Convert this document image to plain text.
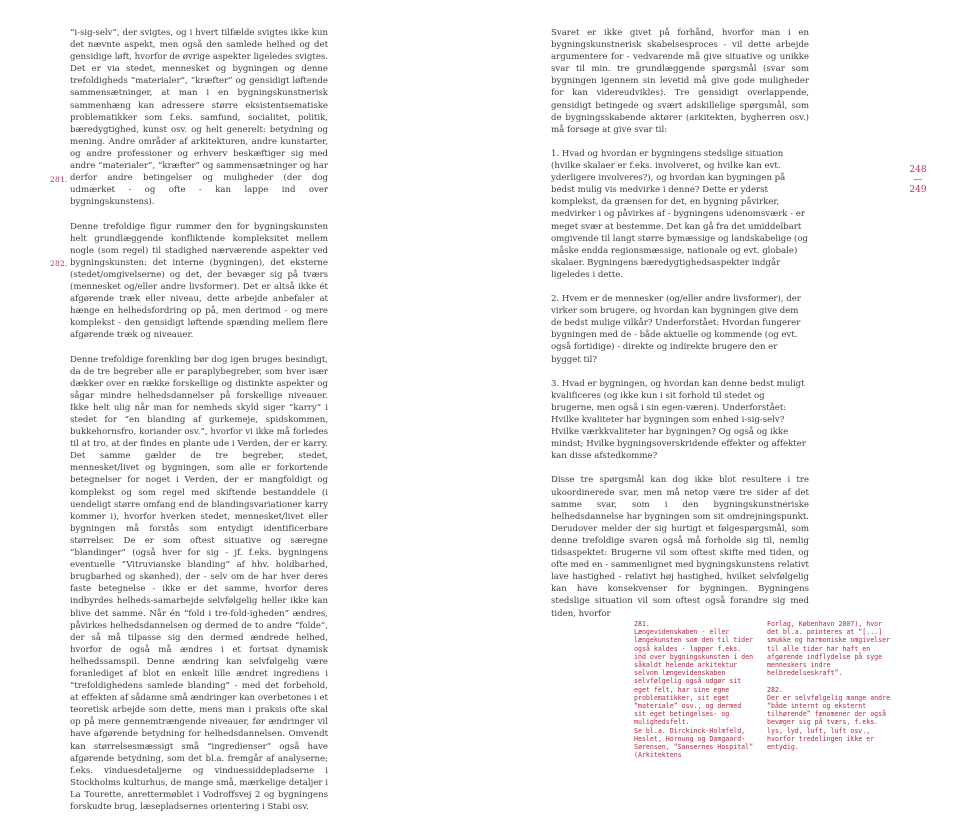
“i-sig-selv”, der svigtes, og i hvert tilfælde svigtes ikke kun det nævnte aspekt, men også den samlede helhed og det gensidige løft, hvorfor de øvrige aspekter ligeledes svigtes. Det er via stedet, mennesket og bygningen og denne trefoldigheds “materialer”, “kræfter” og gensidigt løftende sammensætninger, at man i en bygningskunstnerisk sammenhæng kan adressere større eksistentsematiske problematikker som f.eks. samfund, socialitet, politik, bæredygtighed, kunst osv. og helt generelt: betydning og mening. Andre områder af arkitekturen, andre kunstarter, og andre professioner og erhverv beskæftiger sig med andre “materialer”, “kræfter” og sammensætninger og har derfor andre betingelser og muligheder (der dog udmærket - og ofte - kan lappe ind over bygningskunstens).

Denne trefoldige figur rummer den for bygningskunsten helt grundlæggende konfliktende kompleksitet mellem nogle (som regel) til stadighed nærværende aspekter ved bygningskunsten: det interne (bygningen), det eksterne (stedet/omgivelserne) og det, der bevæger sig på tværs (mennesket og/eller andre livsformer). Det er altså ikke ét afgørende træk eller niveau, dette arbejde anbefaler at hænge en helhedsfordring op på, men derimod - og mere komplekst - den gensidigt løftende spænding mellem flere afgørende træk og niveauer.

Denne trefoldige forenkling bør dog igen bruges besindigt, da de tre begreber alle er paraplybegreber, som hver især dækker over en række forskellige og distinkte aspekter og sågar mindre helhedsdannelser på forskellige niveauer. Ikke helt ulig når man for nemheds skyld siger “karry” i stedet for “en blanding af gurkemeje, spidskommen, bukkehornsfro, koriander osv.”, hvorfor vi ikke må forledes til at tro, at der findes en plante ude i Verden, der er karry. Det samme gælder de tre begreber, stedet, mennesket/livet og bygningen, som alle er forkortende betegnelser for noget i Verden, der er mangfoldigt og komplekst og som regel med skiftende bestanddele (i uendeligt større omfang end de blandingsvariationer karry kommer i), hvorfor hverken stedet, mennesket/livet eller bygningen må forstås som entydigt identificerbare størrelser. De er som oftest situative og særegne “blandinger” (også hver for sig - jf. f.eks. bygningens eventuelle “Vitruvianske blanding” af hhv. holdbarhed, brugbarhed og skønhed), der - selv om de har hver deres faste betegnelse - ikke er det samme, hvorfor deres indbyrdes helheds-samarbejde selvfølgelig heller ikke kan blive det samme. Når én “fold i tre-fold-igheden” ændres, påvirkes helhedsdannelsen og dermed de to andre “folde”, der så må tilpasse sig den dermed ændrede helhed, hvorfor de også må ændres i et fortsat dynamisk helhedssamspil. Denne ændring kan selvfølgelig være foranlediget af blot en enkelt lille ændret ingrediens i “trefoldighedens samlede blanding” - med det forbehold, at effekten af sådanne små ændringer kan overbetones i et teoretisk arbejde som dette, mens man i praksis ofte skal op på mere gennemtrængende niveauer, før ændringer vil have afgørende betydning for helhedsdannelsen. Omvendt kan størrelsesmæssigt små “ingredienser” også have afgørende betydning, som det bl.a. fremgår af analyserne; f.eks. vinduesdetaljerne og vinduessiddepladserne i Stockholms kulturhus, de mange små, mærkelige detaljer i La Tourette, anrettermøblet i Vodroffsvej 2 og bygningens forskudte brug, læsepladsernes orientering i Stabi osv.

281.
282.

Svaret er ikke givet på forhånd, hvorfor man i en bygningskunstnerisk skabelsesproces - vil dette arbejde argumentere for - vedvarende må give situative og unikke svar til min. tre grundlæggende spørgsmål (svar som bygningen igennem sin levetid må give gode muligheder for kan videreudvikles). Tre gensidigt overlappende, gensidigt betingede og svært adskillelige spørgsmål, som de bygningsskabende aktører (arkitekten, bygherren osv.) må forsøge at give svar til:

1. Hvad og hvordan er bygningens stedslige situation (hvilke skalaer er f.eks. involveret, og hvilke kan evt. yderligere involveres?), og hvordan kan bygningen på bedst mulig vis medvirke i denne? Dette er yderst komplekst, da grænsen for det, en bygning påvirker, medvirker i og påvirkes af - bygningens udenomsværk - er meget svær at bestemme. Det kan gå fra det umiddelbart omgivende til langt større bymæssige og landskabelige (og måske endda regionsmæssige, nationale og evt. globale) skalaer. Bygningens bæredygtighedsaspekter indgår ligeledes i dette.

2. Hvem er de mennesker (og/eller andre livsformer), der virker som brugere, og hvordan kan bygningen give dem de bedst mulige vilkår? Underforstået: Hvordan fungerer bygningen med de - både aktuelle og kommende (og evt. også fortidige) - direkte og indirekte brugere den er bygget til?

3. Hvad er bygningen, og hvordan kan denne bedst muligt kvalificeres (og ikke kun i sit forhold til stedet og brugerne, men også i sin egen-væren). Underforstået: Hvilke kvaliteter har bygningen som enhed i-sig-selv? Hvilke værkkvaliteter har bygningen? Og også og ikke mindst; Hvilke bygningsoverskridende effekter og affekter kan disse afstedkomme?

Disse tre spørgsmål kan dog ikke blot resultere i tre ukoordinerede svar, men må netop være tre sider af det samme svar, som i den bygningskunstneriske helhedsdannelse har bygningen som sit omdrejningspunkt. Derudover melder der sig hurtigt et følgespørgsmål, som denne trefoldige svaren også må forholde sig til, nemlig tidsaspektet: Brugerne vil som oftest skifte med tiden, og ofte med en - sammenlignet med bygningskunstens relativt lave hastighed - relativt høj hastighed, hvilket selvfølgelig kan have konsekvenser for bygningen. Bygningens stedslige situation vil som oftest også forandre sig med tiden, hvorfor

248
—
249

281.

Længevidenskaben - eller længekunsten som den til tider også kaldes - lapper f.eks. ind over bygningskunsten i den såkaldt helende arkitektur selvom længevidenskaben selvfølgelig også udgør sit eget felt, har sine egne problematikker, sit eget “materiale” osv., og dermed sit eget betingelses- og mulighedsfelt.

Se bl.a. Dirckinck-Holmfeld, Heslet, Hornung og Damgaard-Sørensen, “Sansernes Hospital” (Arkitektens

Forlag, København 2007), hvor det bl.a. pointeres at “[...] smukke og harmoniske omgivelser til alle tider har haft en afgørende indflydelse på syge menneskers indre helbredelseskraft”.

282.

Der er selvfølgelig mange andre “både internt og eksternt tilhørende” fænomener der også bevæger sig på tværs, f.eks. lys, lyd, luft, luft osv., hvorfor tredelingen ikke er entydig.
